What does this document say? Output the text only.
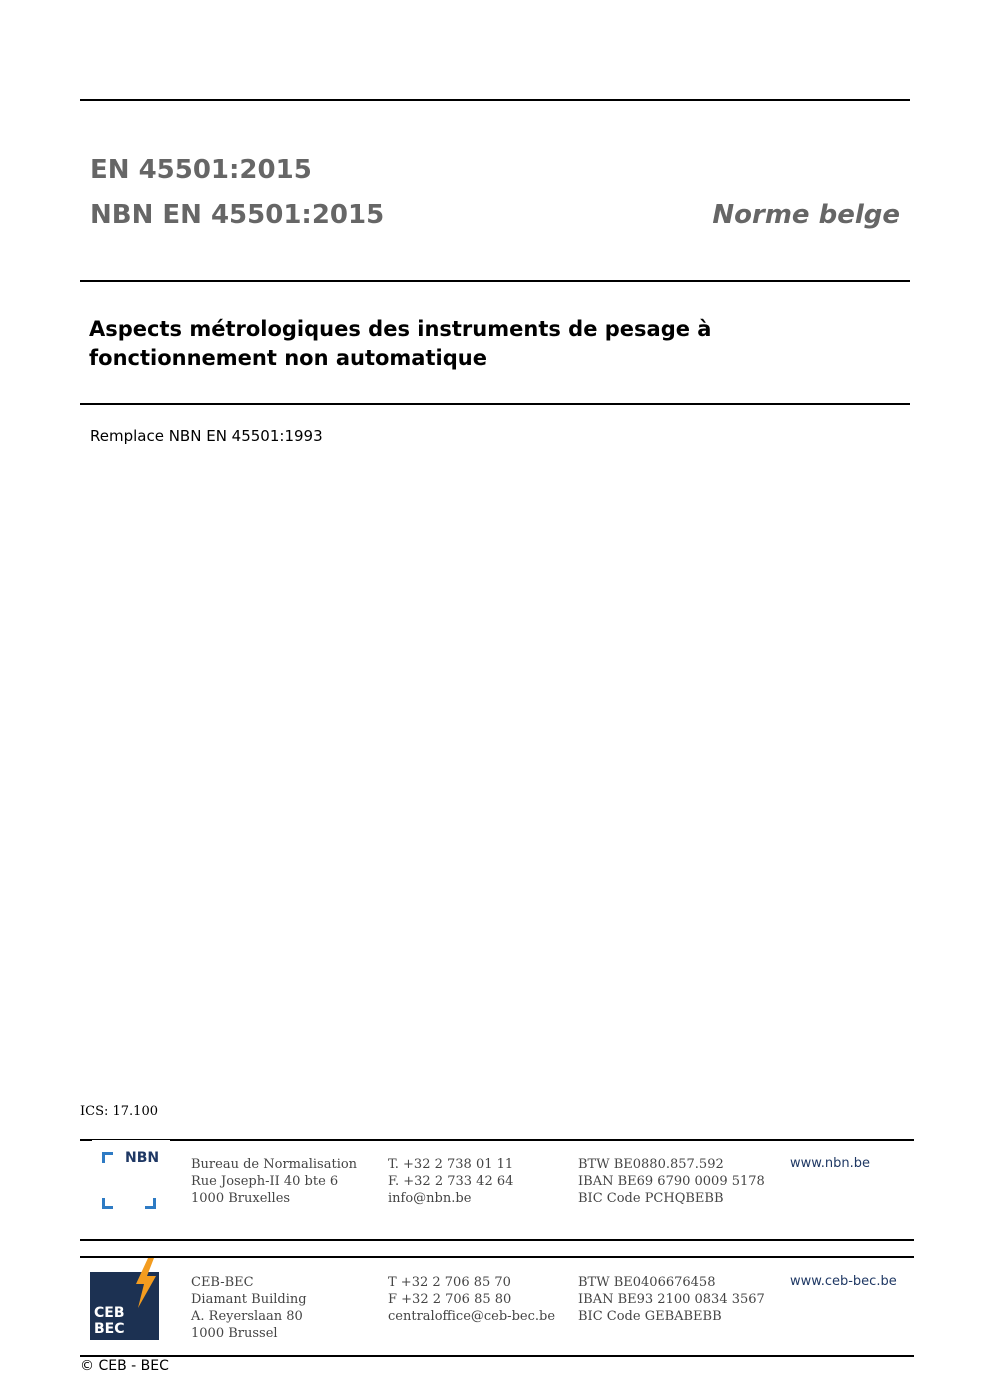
EN 45501:2015
NBN EN 45501:2015	Norme belge
Aspects métrologiques des instruments de pesage à
fonctionnement non automatique
Remplace NBN EN 45501:1993
ICS: 17.100
NBN Bureau de Normalisation
Rue Joseph-II 40 bte 6
1000 Bruxelles
T. +32 2 738 01 11
F. +32 2 733 42 64
info@nbn.be
BTW BE0880.857.592
IBAN BE69 6790 0009 5178
BIC Code PCHQBEBB
www.nbn.be
CEB
BEC
CEB-BEC
Diamant Building
A. Reyerslaan 80
1000 Brussel
T +32 2 706 85 70
F +32 2 706 85 80
centraloffice@ceb-bec.be
BTW BE0406676458
IBAN BE93 2100 0834 3567
BIC Code GEBABEBB
www.ceb-bec.be
© CEB - BEC
